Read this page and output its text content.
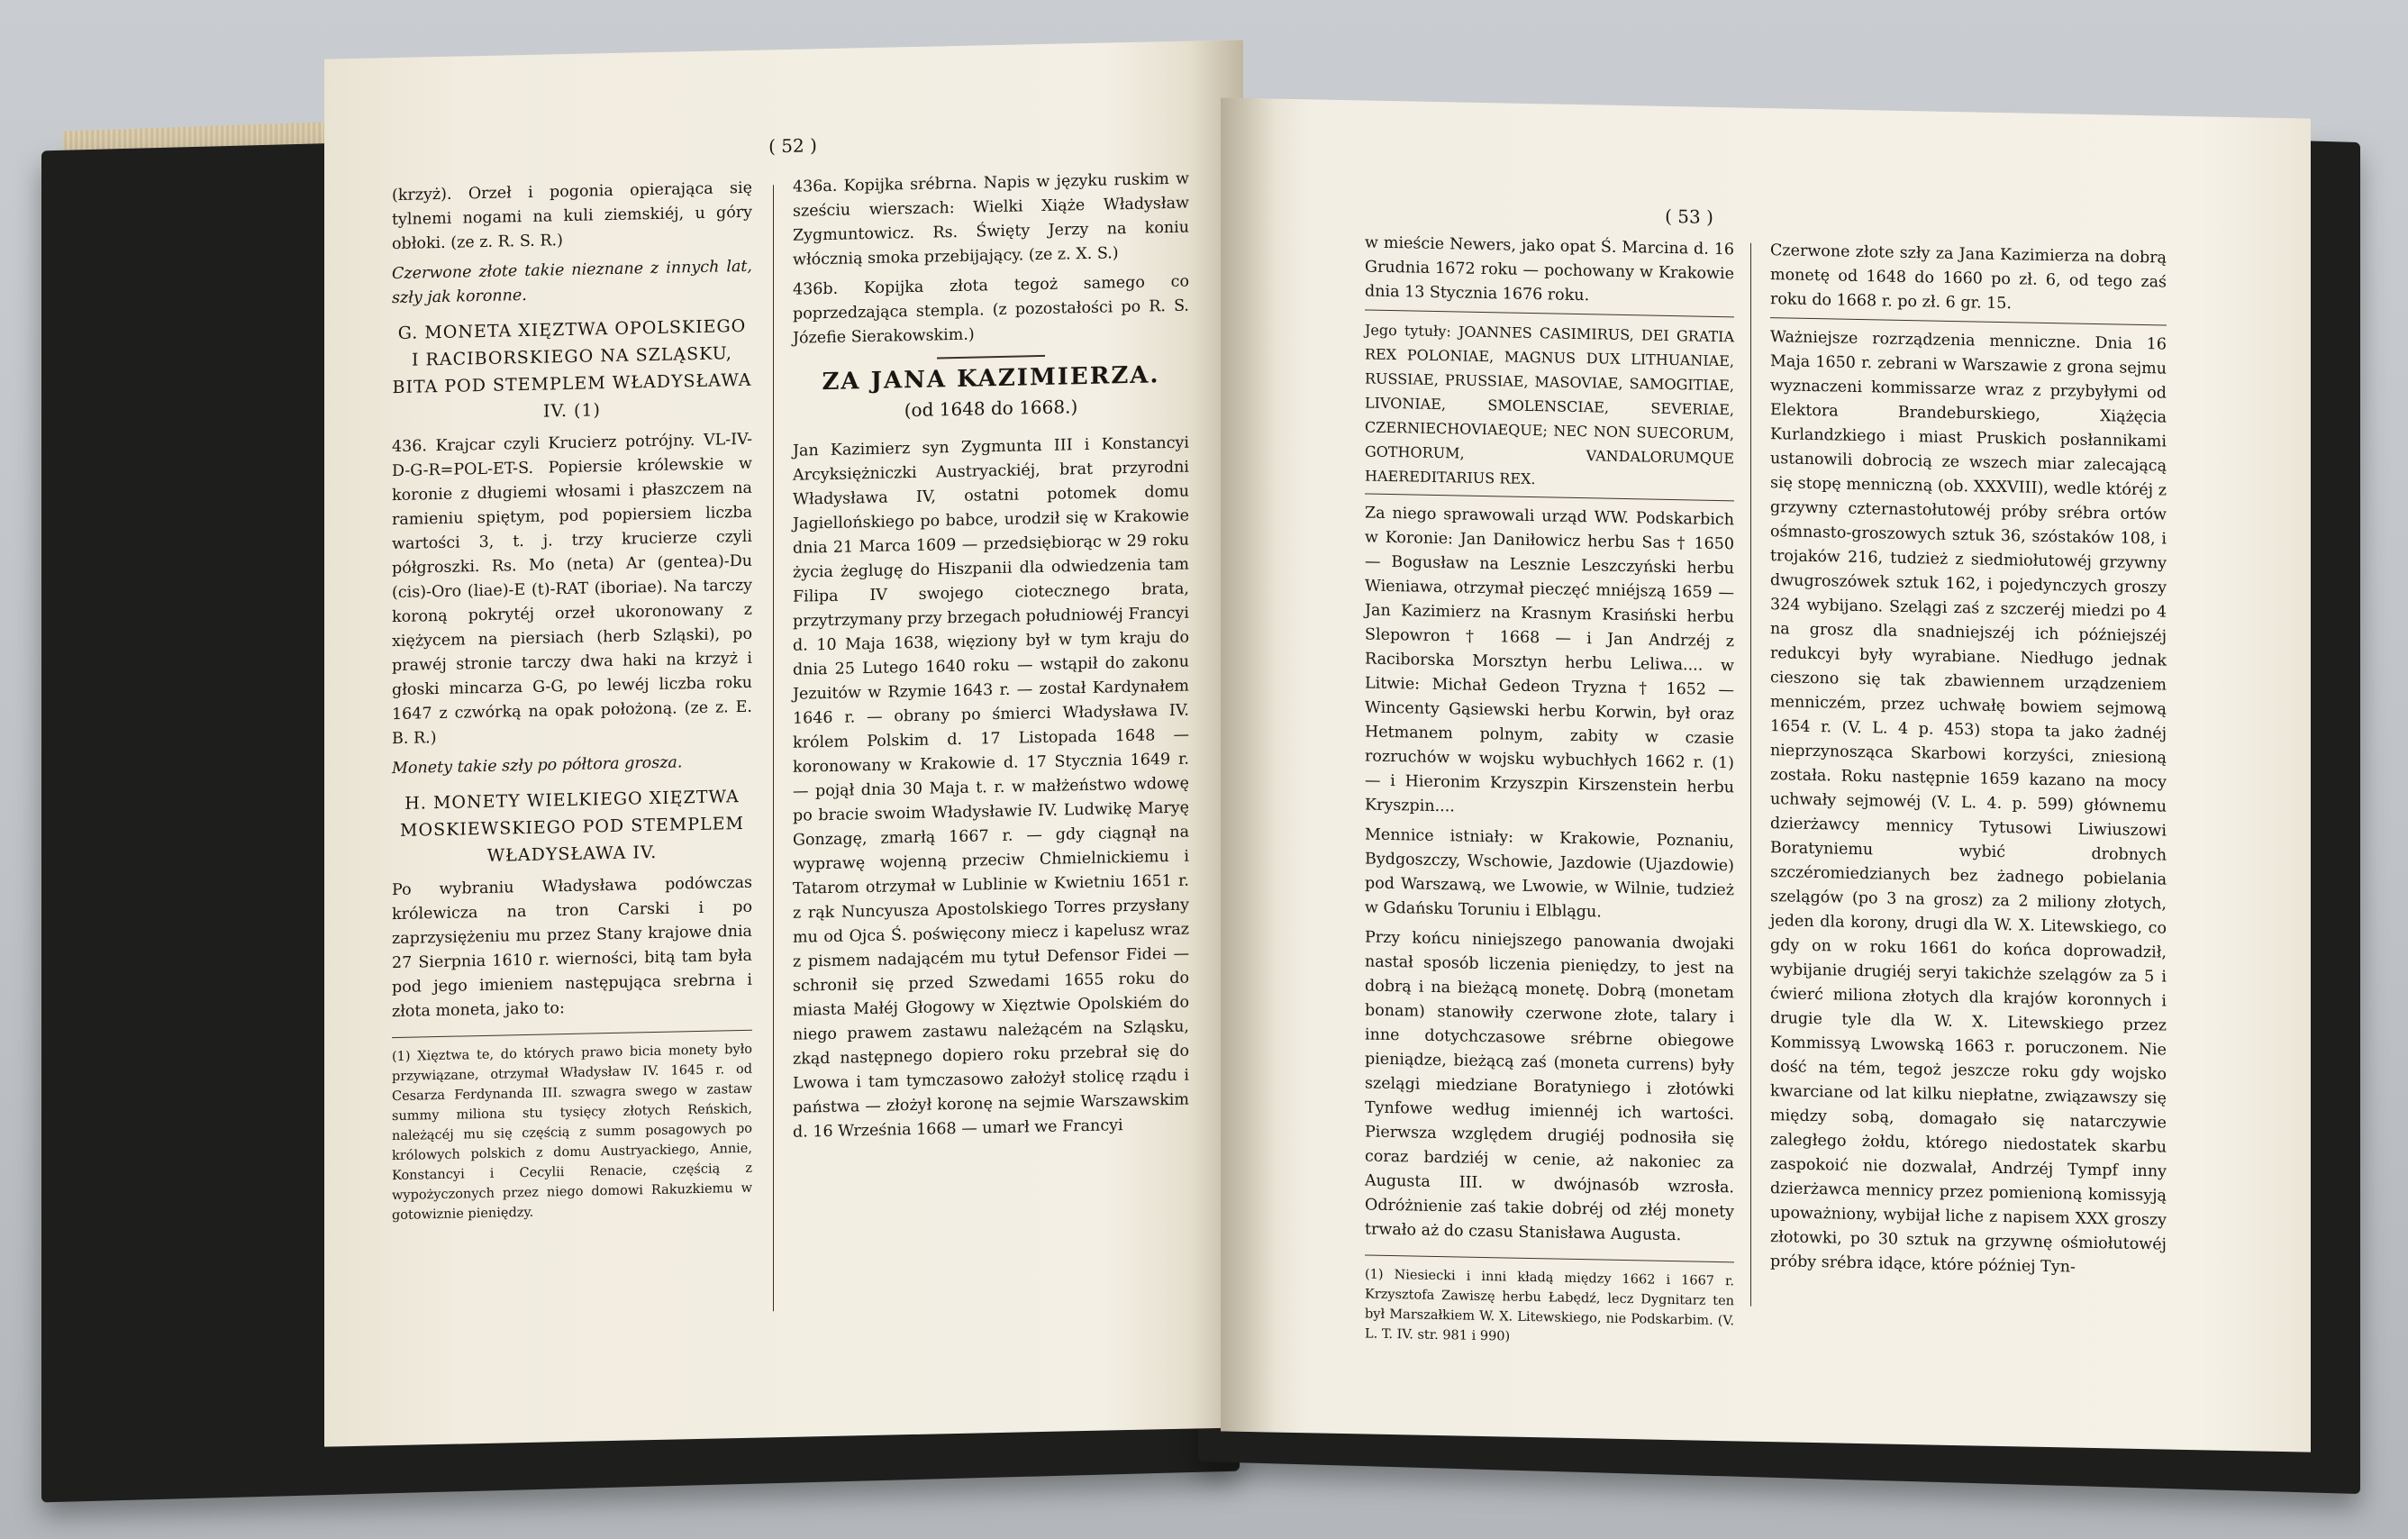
( 52 )

(krzyż). Orzeł i pogonia opierająca się tylnemi nogami na kuli ziemskiéj, u góry obłoki. (ze z. R. S. R.)

Czerwone złote takie nieznane z innych lat, szły jak koronne.

G. MONETA XIĘZTWA OPOLSKIEGO I RACIBORSKIEGO NA SZLĄSKU, BITA POD STEMPLEM WŁADYSŁAWA IV. (1)

436. Krajcar czyli Krucierz potrójny. VL-IV-D-G-R=POL-ET-S. Popiersie królewskie w koronie z długiemi włosami i płaszczem na ramieniu spiętym, pod popiersiem liczba wartości 3, t. j. trzy krucierze czyli półgroszki. Rs. Mo (neta) Ar (gentea)-Du (cis)-Oro (liae)-E (t)-RAT (iboriae). Na tarczy koroną pokrytéj orzeł ukoronowany z xiężycem na piersiach (herb Szląski), po prawéj stronie tarczy dwa haki na krzyż i głoski mincarza G-G, po lewéj liczba roku 1647 z czwórką na opak położoną. (ze z. E. B. R.)

Monety takie szły po półtora grosza.

H. MONETY WIELKIEGO XIĘZTWA MOSKIEWSKIEGO POD STEMPLEM WŁADYSŁAWA IV.

Po wybraniu Władysława podówczas królewicza na tron Carski i po zaprzysiężeniu mu przez Stany krajowe dnia 27 Sierpnia 1610 r. wierności, bitą tam była pod jego imieniem następująca srebrna i złota moneta, jako to:

(1) Xięztwa te, do których prawo bicia monety było przywiązane, otrzymał Władysław IV. 1645 r. od Cesarza Ferdynanda III. szwagra swego w zastaw summy miliona stu tysięcy złotych Reńskich, należącéj mu się częścią z summ posagowych po królowych polskich z domu Austryackiego, Annie, Konstancyi i Cecylii Renacie, częścią z wypożyczonych przez niego domowi Rakuzkiemu w gotowiznie pieniędzy.

436a. Kopijka srébrna. Napis w języku ruskim w sześciu wierszach: Wielki Xiąże Władysław Zygmuntowicz. Rs. Święty Jerzy na koniu włócznią smoka przebijający. (ze z. X. S.)

436b. Kopijka złota tegoż samego co poprzedzająca stempla. (z pozostałości po R. S. Józefie Sierakowskim.)

ZA JANA KAZIMIERZA.
(od 1648 do 1668.)

Jan Kazimierz syn Zygmunta III i Konstancyi Arcyksiężniczki Austryackiéj, brat przyrodni Władysława IV, ostatni potomek domu Jagiellońskiego po babce, urodził się w Krakowie dnia 21 Marca 1609 — przedsiębiorąc w 29 roku życia żeglugę do Hiszpanii dla odwiedzenia tam Filipa IV swojego ciotecznego brata, przytrzymany przy brzegach południowéj Francyi d. 10 Maja 1638, więziony był w tym kraju do dnia 25 Lutego 1640 roku — wstąpił do zakonu Jezuitów w Rzymie 1643 r. — został Kardynałem 1646 r. — obrany po śmierci Władysława IV. królem Polskim d. 17 Listopada 1648 — koronowany w Krakowie d. 17 Stycznia 1649 r. — pojął dnia 30 Maja t. r. w małżeństwo wdowę po bracie swoim Władysławie IV. Ludwikę Maryę Gonzagę, zmarłą 1667 r. — gdy ciągnął na wyprawę wojenną przeciw Chmielnickiemu i Tatarom otrzymał w Lublinie w Kwietniu 1651 r. z rąk Nuncyusza Apostolskiego Torres przysłany mu od Ojca Ś. poświęcony miecz i kapelusz wraz z pismem nadającém mu tytuł Defensor Fidei — schronił się przed Szwedami 1655 roku do miasta Małéj Głogowy w Xięztwie Opolskiém do niego prawem zastawu należącém na Szląsku, zkąd następnego dopiero roku przebrał się do Lwowa i tam tymczasowo założył stolicę rządu i państwa — złożył koronę na sejmie Warszawskim d. 16 Września 1668 — umarł we Francyi

( 53 )

w mieście Newers, jako opat Ś. Marcina d. 16 Grudnia 1672 roku — pochowany w Krakowie dnia 13 Stycznia 1676 roku.

Jego tytuły: JOANNES CASIMIRUS, DEI GRATIA REX POLONIAE, MAGNUS DUX LITHUANIAE, RUSSIAE, PRUSSIAE, MASOVIAE, SAMOGITIAE, LIVONIAE, SMOLENSCIAE, SEVERIAE, CZERNIECHOVIAEQUE; NEC NON SUECORUM, GOTHORUM, VANDALORUMQUE HAEREDITARIUS REX.

Za niego sprawowali urząd WW. Podskarbich w Koronie: Jan Daniłowicz herbu Sas † 1650 — Bogusław na Lesznie Leszczyński herbu Wieniawa, otrzymał pieczęć mniéjszą 1659 — Jan Kazimierz na Krasnym Krasiński herbu Slepowron † 1668 — i Jan Andrzéj z Raciborska Morsztyn herbu Leliwa.... w Litwie: Michał Gedeon Tryzna † 1652 — Wincenty Gąsiewski herbu Korwin, był oraz Hetmanem polnym, zabity w czasie rozruchów w wojsku wybuchłych 1662 r. (1) — i Hieronim Krzyszpin Kirszenstein herbu Kryszpin....

Mennice istniały: w Krakowie, Poznaniu, Bydgoszczy, Wschowie, Jazdowie (Ujazdowie) pod Warszawą, we Lwowie, w Wilnie, tudzież w Gdańsku Toruniu i Elblągu.

Przy końcu niniejszego panowania dwojaki nastał sposób liczenia pieniędzy, to jest na dobrą i na bieżącą monetę. Dobrą (monetam bonam) stanowiły czerwone złote, talary i inne dotychczasowe srébrne obiegowe pieniądze, bieżącą zaś (moneta currens) były szelągi miedziane Boratyniego i złotówki Tynfowe według imiennéj ich wartości. Pierwsza względem drugiéj podnosiła się coraz bardziéj w cenie, aż nakoniec za Augusta III. w dwójnasób wzrosła. Odróżnienie zaś takie dobréj od złéj monety trwało aż do czasu Stanisława Augusta.

(1) Niesiecki i inni kładą między 1662 i 1667 r. Krzysztofa Zawiszę herbu Łabędź, lecz Dygnitarz ten był Marszałkiem W. X. Litewskiego, nie Podskarbim. (V. L. T. IV. str. 981 i 990)

Czerwone złote szły za Jana Kazimierza na dobrą monetę od 1648 do 1660 po zł. 6, od tego zaś roku do 1668 r. po zł. 6 gr. 15.

Ważniejsze rozrządzenia menniczne. Dnia 16 Maja 1650 r. zebrani w Warszawie z grona sejmu wyznaczeni kommissarze wraz z przybyłymi od Elektora Brandeburskiego, Xiążęcia Kurlandzkiego i miast Pruskich posłannikami ustanowili dobrocią ze wszech miar zalecającą się stopę menniczną (ob. XXXVIII), wedle któréj z grzywny czternastołutowéj próby srébra ortów ośmnasto-groszowych sztuk 36, szóstaków 108, i trojaków 216, tudzież z siedmiołutowéj grzywny dwugroszówek sztuk 162, i pojedynczych groszy 324 wybijano. Szelągi zaś z szczeréj miedzi po 4 na grosz dla snadniejszéj ich późniejszéj redukcyi były wyrabiane. Niedługo jednak cieszono się tak zbawiennem urządzeniem menniczém, przez uchwałę bowiem sejmową 1654 r. (V. L. 4 p. 453) stopa ta jako żadnéj nieprzynosząca Skarbowi korzyści, zniesioną została. Roku następnie 1659 kazano na mocy uchwały sejmowéj (V. L. 4. p. 599) głównemu dzierżawcy mennicy Tytusowi Liwiuszowi Boratyniemu wybić drobnych szczéromiedzianych bez żadnego pobielania szelągów (po 3 na grosz) za 2 miliony złotych, jeden dla korony, drugi dla W. X. Litewskiego, co gdy on w roku 1661 do końca doprowadził, wybijanie drugiéj seryi takichże szelągów za 5 i ćwierć miliona złotych dla krajów koronnych i drugie tyle dla W. X. Litewskiego przez Kommissyą Lwowską 1663 r. poruczonem. Nie dość na tém, tegoż jeszcze roku gdy wojsko kwarciane od lat kilku niepłatne, związawszy się między sobą, domagało się natarczywie zaległego żołdu, którego niedostatek skarbu zaspokoić nie dozwalał, Andrzéj Tympf inny dzierżawca mennicy przez pomienioną komissyją upoważniony, wybijał liche z napisem XXX groszy złotowki, po 30 sztuk na grzywnę ośmiołutowéj próby srébra idące, które później Tyn-
